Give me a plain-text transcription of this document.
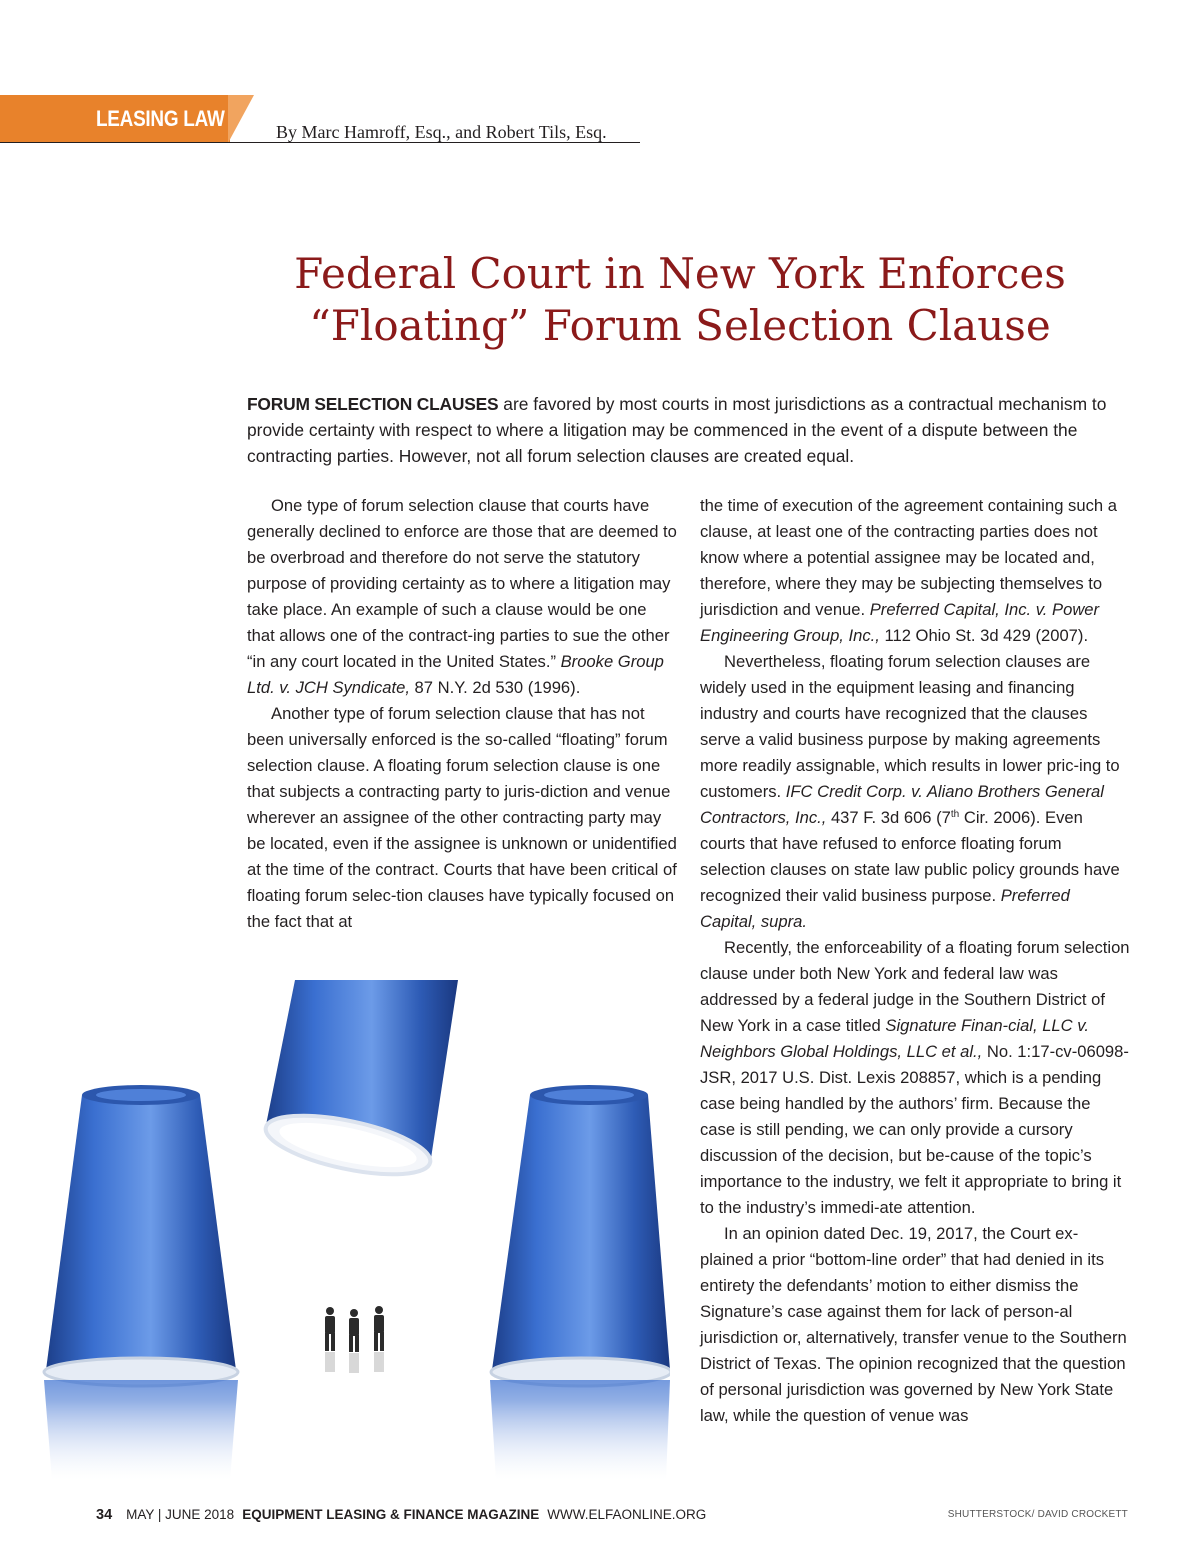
LEASING LAW
By Marc Hamroff, Esq., and Robert Tils, Esq.
Federal Court in New York Enforces
“Floating” Forum Selection Clause

FORUM SELECTION CLAUSES are favored by most courts in most jurisdictions as a contractual mechanism to provide certainty with respect to where a litigation may be commenced in the event of a dispute between the contracting parties. However, not all forum selection clauses are created equal.

One type of forum selection clause that courts have generally declined to enforce are those that are deemed to be overbroad and therefore do not serve the statutory purpose of providing certainty as to where a litigation may take place. An example of such a clause would be one that allows one of the contract-ing parties to sue the other “in any court located in the United States.” Brooke Group Ltd. v. JCH Syndicate, 87 N.Y. 2d 530 (1996).

Another type of forum selection clause that has not been universally enforced is the so-called “floating” forum selection clause. A floating forum selection clause is one that subjects a contracting party to juris-diction and venue wherever an assignee of the other contracting party may be located, even if the assignee is unknown or unidentified at the time of the contract. Courts that have been critical of floating forum selec-tion clauses have typically focused on the fact that at

the time of execution of the agreement containing such a clause, at least one of the contracting parties does not know where a potential assignee may be located and, therefore, where they may be subjecting themselves to jurisdiction and venue. Preferred Capital, Inc. v. Power Engineering Group, Inc., 112 Ohio St. 3d 429 (2007).

Nevertheless, floating forum selection clauses are widely used in the equipment leasing and financing industry and courts have recognized that the clauses serve a valid business purpose by making agreements more readily assignable, which results in lower pric-ing to customers. IFC Credit Corp. v. Aliano Brothers General Contractors, Inc., 437 F. 3d 606 (7th Cir. 2006). Even courts that have refused to enforce floating forum selection clauses on state law public policy grounds have recognized their valid business purpose. Preferred Capital, supra.

Recently, the enforceability of a floating forum selection clause under both New York and federal law was addressed by a federal judge in the Southern District of New York in a case titled Signature Finan-cial, LLC v. Neighbors Global Holdings, LLC et al., No. 1:17-cv-06098-JSR, 2017 U.S. Dist. Lexis 208857, which is a pending case being handled by the authors’ firm. Because the case is still pending, we can only provide a cursory discussion of the decision, but be-cause of the topic’s importance to the industry, we felt it appropriate to bring it to the industry’s immedi-ate attention.

In an opinion dated Dec. 19, 2017, the Court ex-plained a prior “bottom-line order” that had denied in its entirety the defendants’ motion to either dismiss the Signature’s case against them for lack of person-al jurisdiction or, alternatively, transfer venue to the Southern District of Texas. The opinion recognized that the question of personal jurisdiction was governed by New York State law, while the question of venue was

34 MAY | JUNE 2018 EQUIPMENT LEASING & FINANCE MAGAZINE WWW.ELFAONLINE.ORG	SHUTTERSTOCK/ DAVID CROCKETT
